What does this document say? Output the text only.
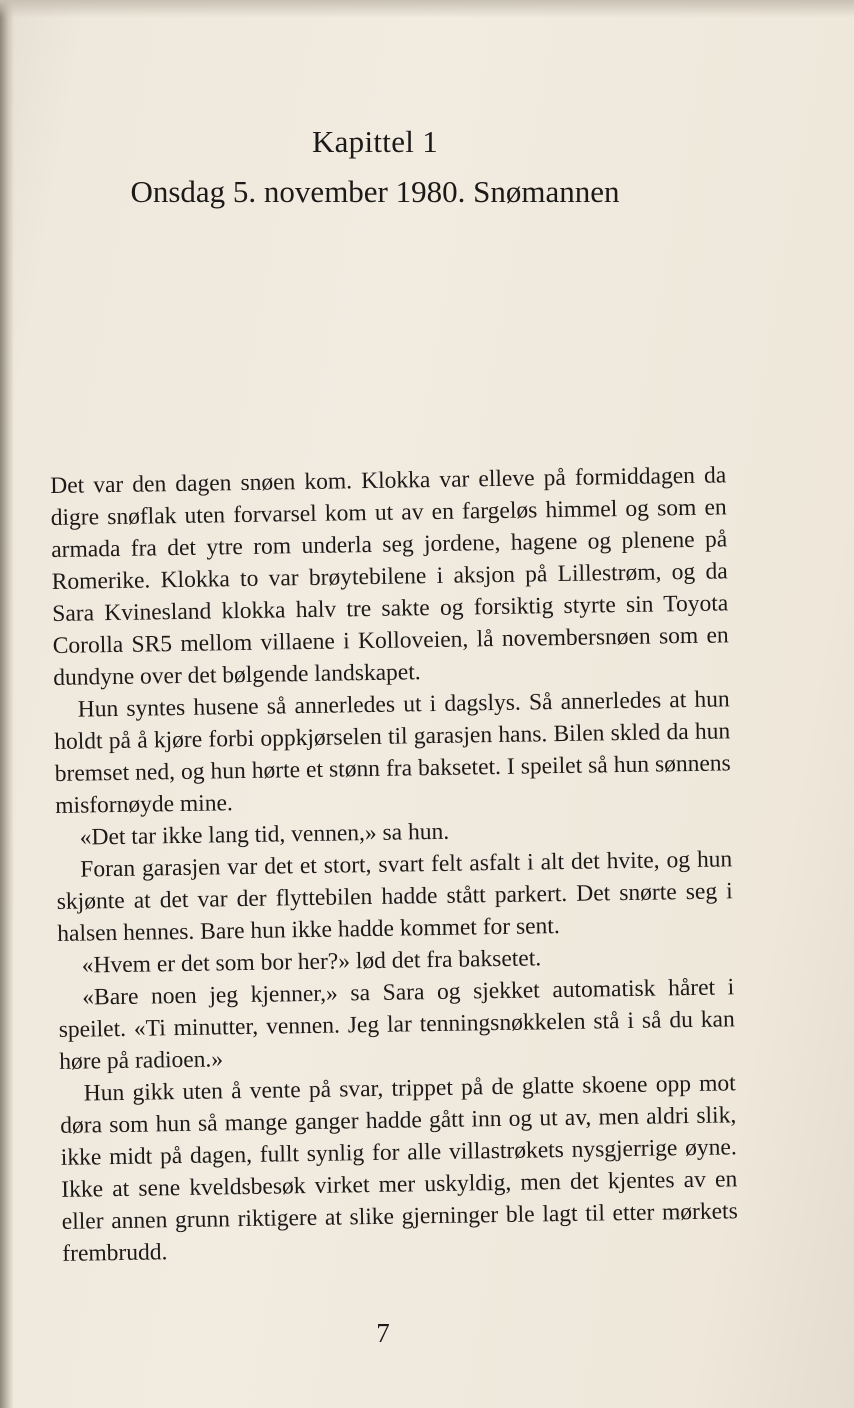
Kapittel 1
Onsdag 5. november 1980. Snømannen

Det var den dagen snøen kom. Klokka var elleve på formiddagen da digre snøflak uten forvarsel kom ut av en fargeløs himmel og som en armada fra det ytre rom underla seg jordene, hagene og plenene på Romerike. Klokka to var brøytebilene i aksjon på Lillestrøm, og da Sara Kvinesland klokka halv tre sakte og forsiktig styrte sin Toyota Corolla SR5 mellom villaene i Kolloveien, lå novembersnøen som en dundyne over det bølgende landskapet.

Hun syntes husene så annerledes ut i dagslys. Så annerledes at hun holdt på å kjøre forbi oppkjørselen til garasjen hans. Bilen skled da hun bremset ned, og hun hørte et stønn fra baksetet. I speilet så hun sønnens misfornøyde mine.

«Det tar ikke lang tid, vennen,» sa hun.

Foran garasjen var det et stort, svart felt asfalt i alt det hvite, og hun skjønte at det var der flyttebilen hadde stått parkert. Det snørte seg i halsen hennes. Bare hun ikke hadde kommet for sent.

«Hvem er det som bor her?» lød det fra baksetet.

«Bare noen jeg kjenner,» sa Sara og sjekket automatisk håret i speilet. «Ti minutter, vennen. Jeg lar tenningsnøkkelen stå i så du kan høre på radioen.»

Hun gikk uten å vente på svar, trippet på de glatte skoene opp mot døra som hun så mange ganger hadde gått inn og ut av, men aldri slik, ikke midt på dagen, fullt synlig for alle villastrøkets nysgjerrige øyne. Ikke at sene kveldsbesøk virket mer uskyldig, men det kjentes av en eller annen grunn riktigere at slike gjerninger ble lagt til etter mørkets frembrudd.

7
